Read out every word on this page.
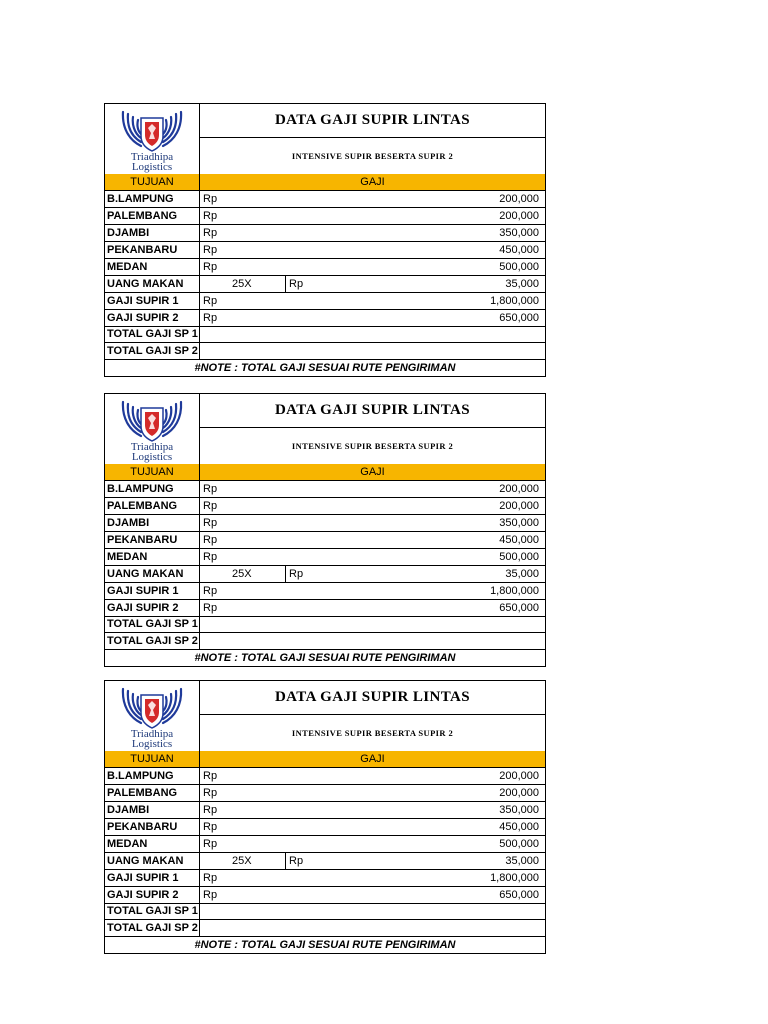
Triadhipa
Logistics
DATA GAJI SUPIR LINTAS
INTENSIVE SUPIR BESERTA SUPIR 2
TUJUAN	GAJI
B.LAMPUNG	Rp	200,000
PALEMBANG Rp	200,000
DJAMBI	Rp	350,000
PEKANBARU Rp	450,000
MEDAN	Rp	500,000
UANG MAKAN	25X	Rp	35,000
GAJI SUPIR 1 Rp	1,800,000
GAJI SUPIR 2 Rp	650,000
TOTAL GAJI SP 1
TOTAL GAJI SP 2
#NOTE : TOTAL GAJI SESUAI RUTE PENGIRIMAN
Triadhipa
Logistics
DATA GAJI SUPIR LINTAS
INTENSIVE SUPIR BESERTA SUPIR 2
TUJUAN	GAJI
B.LAMPUNG	Rp	200,000
PALEMBANG Rp	200,000
DJAMBI	Rp	350,000
PEKANBARU Rp	450,000
MEDAN	Rp	500,000
UANG MAKAN	25X	Rp	35,000
GAJI SUPIR 1 Rp	1,800,000
GAJI SUPIR 2 Rp	650,000
TOTAL GAJI SP 1
TOTAL GAJI SP 2
#NOTE : TOTAL GAJI SESUAI RUTE PENGIRIMAN
Triadhipa
Logistics
DATA GAJI SUPIR LINTAS
INTENSIVE SUPIR BESERTA SUPIR 2
TUJUAN	GAJI
B.LAMPUNG	Rp	200,000
PALEMBANG Rp	200,000
DJAMBI	Rp	350,000
PEKANBARU Rp	450,000
MEDAN	Rp	500,000
UANG MAKAN	25X	Rp	35,000
GAJI SUPIR 1 Rp	1,800,000
GAJI SUPIR 2 Rp	650,000
TOTAL GAJI SP 1
TOTAL GAJI SP 2
#NOTE : TOTAL GAJI SESUAI RUTE PENGIRIMAN
